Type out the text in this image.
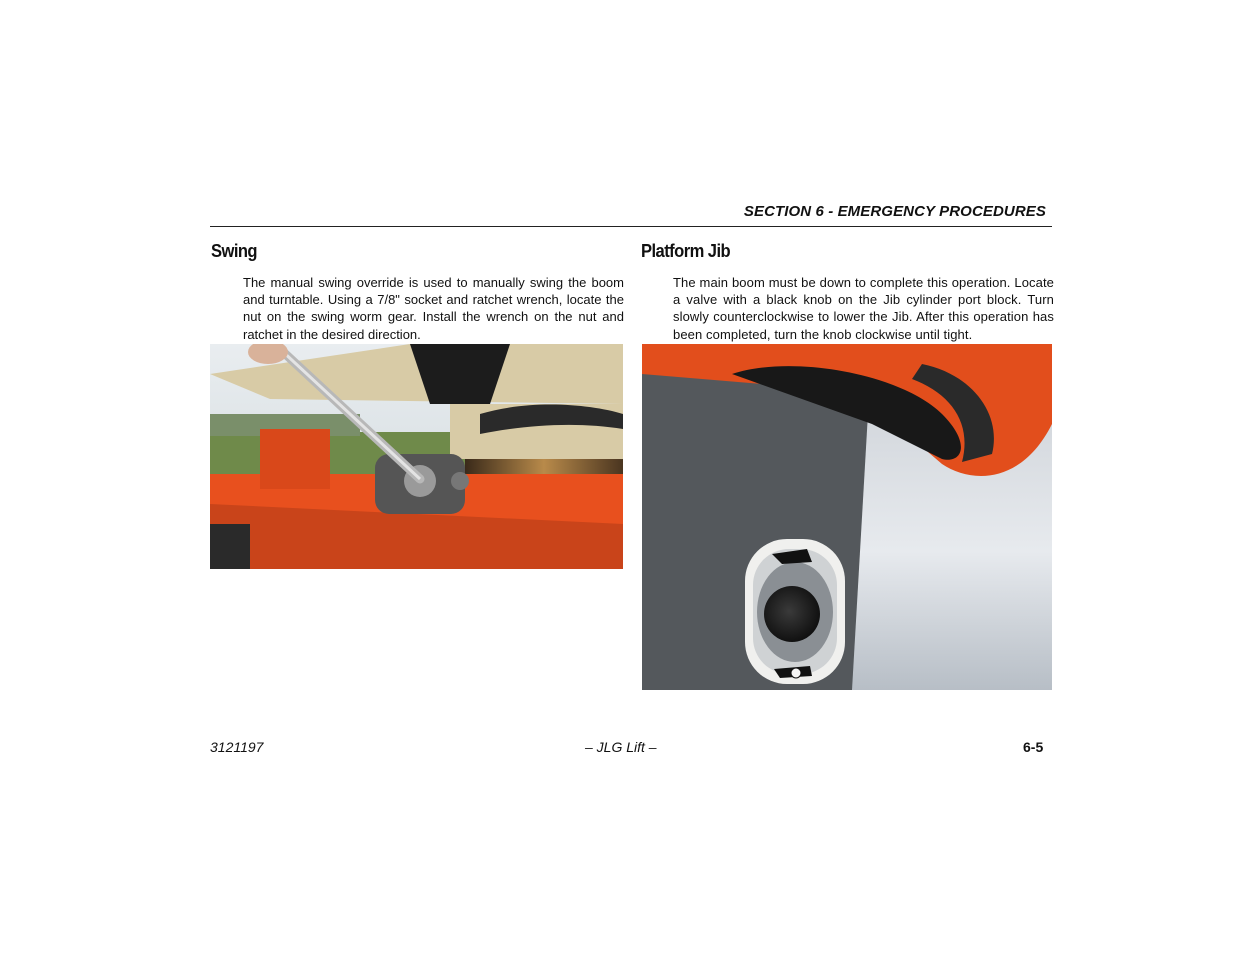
SECTION 6 - EMERGENCY PROCEDURES
Swing
The manual swing override is used to manually swing the boom and turntable. Using a 7/8" socket and ratchet wrench, locate the nut on the swing worm gear. Install the wrench on the nut and ratchet in the desired direction.
Platform Jib
The main boom must be down to complete this operation. Locate a valve with a black knob on the Jib cylinder port block. Turn slowly counterclockwise to lower the Jib. After this operation has been completed, turn the knob clockwise until tight.
3121197	– JLG Lift –	6-5
